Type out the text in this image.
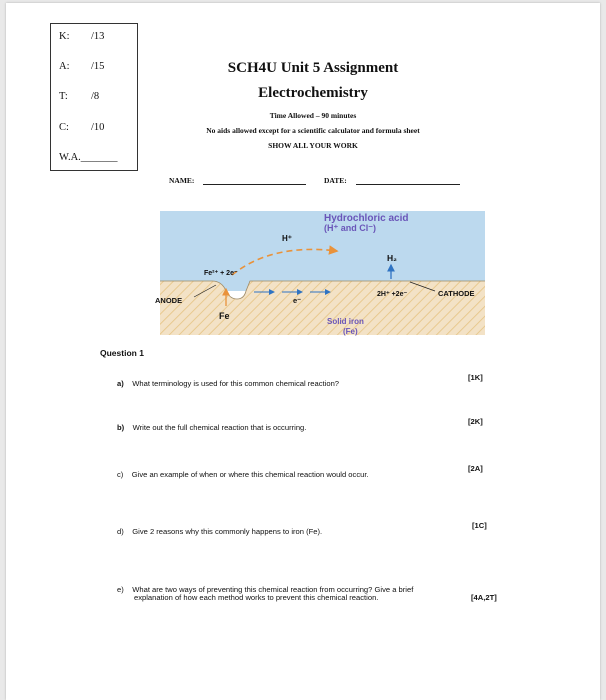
K: /13
A: /15
T: /8
C: /10
W.A._______
SCH4U Unit 5 Assignment
Electrochemistry
Time Allowed – 90 minutes
No aids allowed except for a scientific calculator and formula sheet
SHOW ALL YOUR WORK
NAME:	DATE:
Hydrochloric acid
(H⁺ and Cl⁻)
H⁺
Fe²⁺ + 2e⁻
H₂
2H⁺ +2e⁻	CATHODE
ANODE	e⁻
Fe
Solid iron
(Fe)
Question 1
a) What terminology is used for this common chemical reaction?
[1K]
b) Write out the full chemical reaction that is occurring.
[2K]
c) Give an example of when or where this chemical reaction would occur.
[2A]
d) Give 2 reasons why this commonly happens to iron (Fe).
[1C]
e) What are two ways of preventing this chemical reaction from occurring? Give a brief
explanation of how each method works to prevent this chemical reaction.	[4A,2T]
